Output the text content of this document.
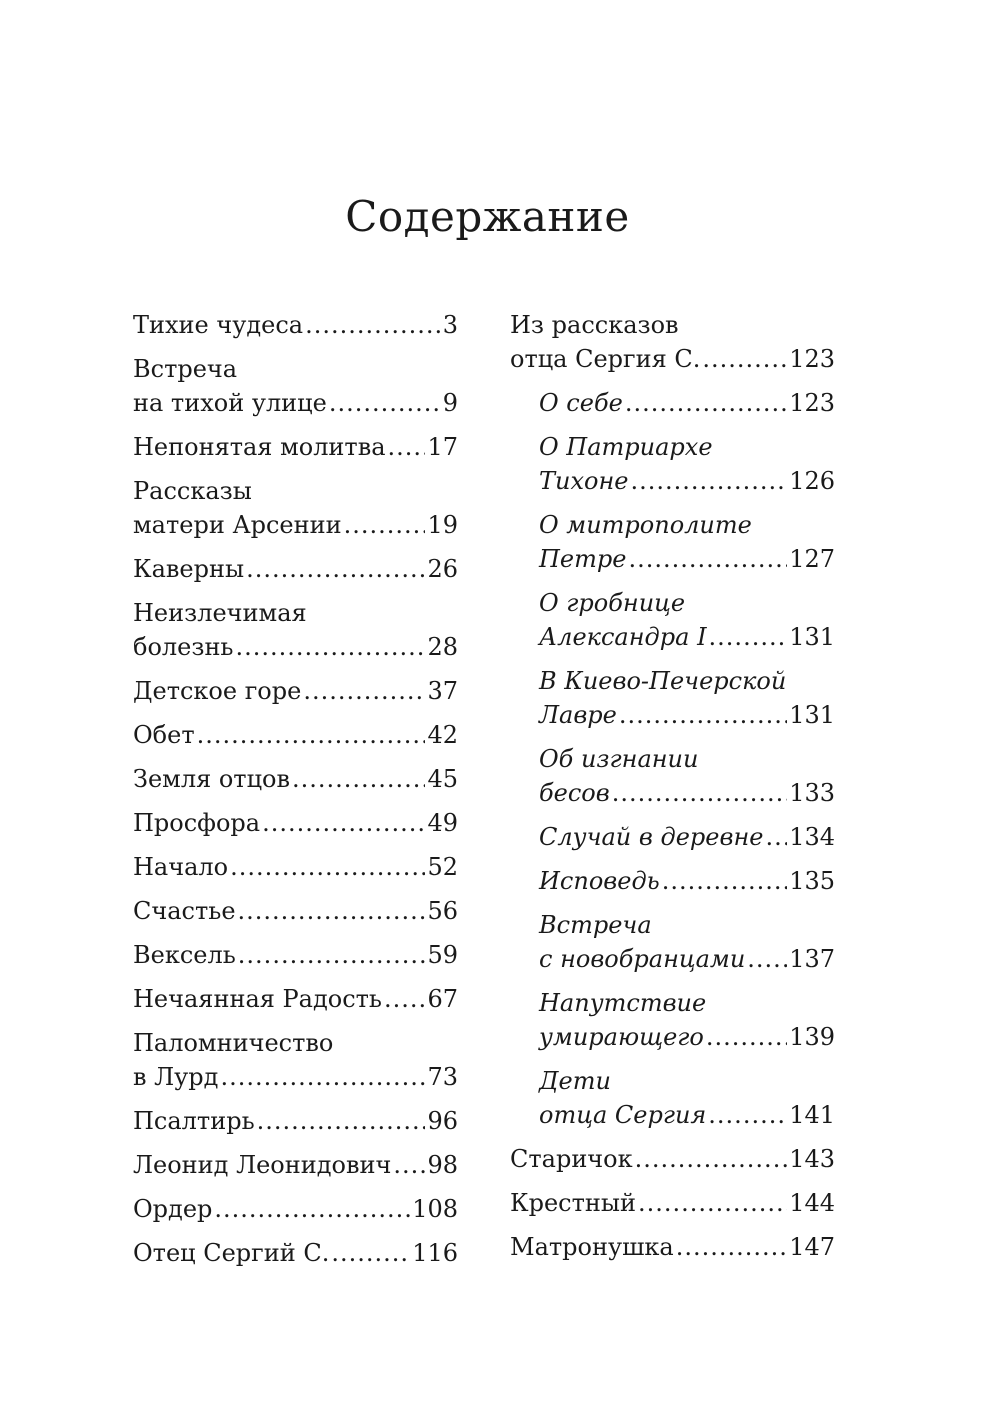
Содержание
Тихие чудеса .....	3
Встреча
на тихой улице .....	9
Непонятая молитва ..... 17
Рассказы
матери Арсении .....	19
Каверны .....	26
Неизлечимая
болезнь .....	28
Детское горе .....	37
Обет .....	42
Земля отцов .....	45
Просфора .....	49
Начало .....	52
Счастье .....	56
Вексель .....	59
Нечаянная Радость ..... 67
Паломничество
в Лурд .....	73
Псалтирь .....	96
Леонид Леонидович ..... 98
Ордер .....	108
Отец Сергий С. .....	116
Из рассказов
отца Сергия С. .....	123
О себе .....	123
О Патриархе
Тихоне .....	126
О митрополите
Петре .....	127
О гробнице
Александра I .....	131
В Киево-Печерской
Лавре .....	131
Об изгнании
бесов .....	133
Случай в деревне ..... 134
Исповедь .....	135
Встреча
с новобранцами ..... 137
Напутствие
умирающего .....	139
Дети
отца Сергия .....	141
Старичок .....	143
Крестный .....	144
Матронушка .....	147
